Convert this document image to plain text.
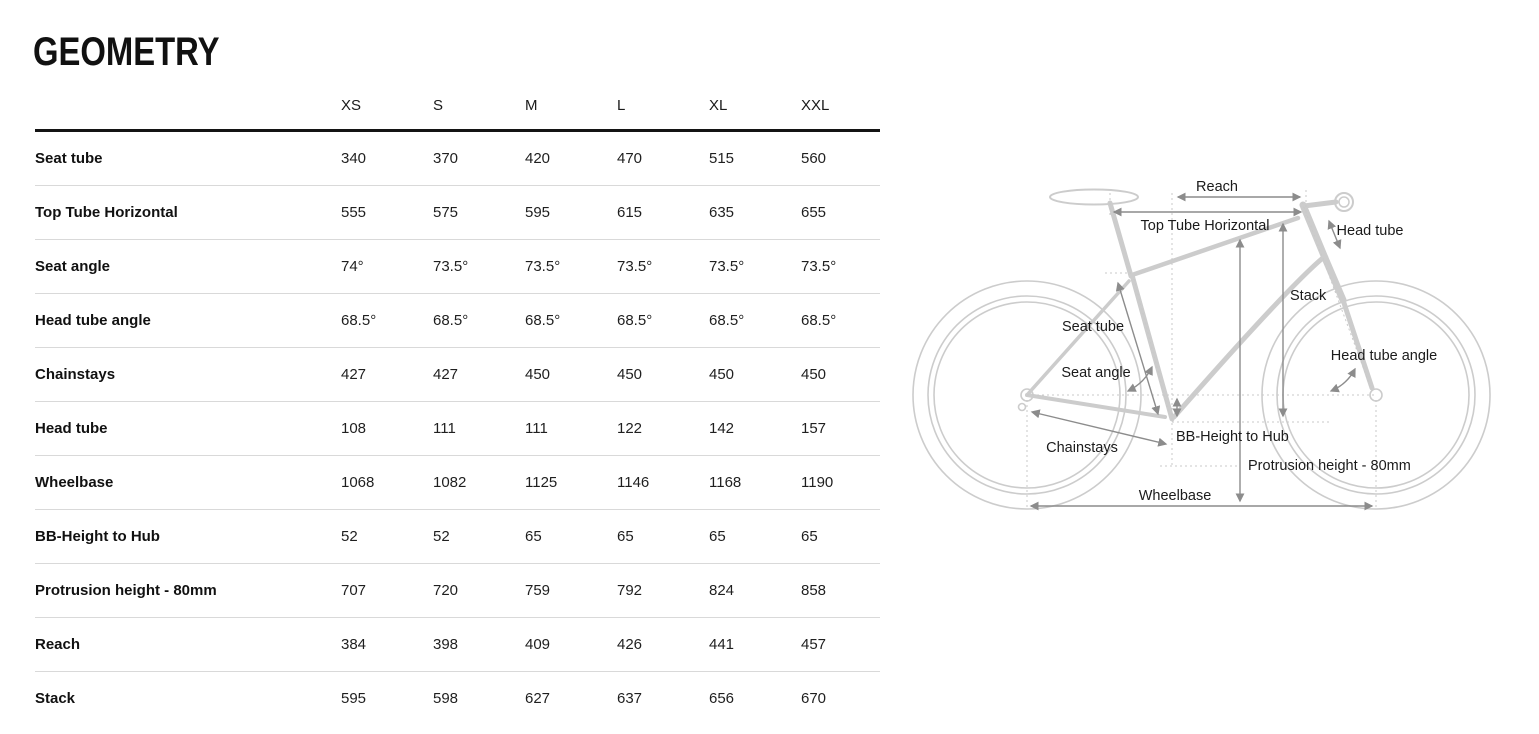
GEOMETRY
XS	S	M	L	XL	XXL
Seat tube	340	370	420	470	515	560
Top Tube Horizontal	555	575	595	615	635	655
Seat angle	74°	73.5°	73.5°	73.5°	73.5°	73.5°
Head tube angle	68.5°	68.5°	68.5°	68.5°	68.5°	68.5°
Chainstays	427	427	450	450	450	450
Head tube	108	111	111	122	142	157
Wheelbase	1068	1082	1125	1146	1168	1190
BB-Height to Hub	52	52	65	65	65	65
Protrusion height - 80mm	707	720	759	792	824	858
Reach	384	398	409	426	441	457
Stack	595	598	627	637	656	670
Reach
Top Tube Horizontal	Head tube
Stack
Seat tube
Head tube angle
Seat angle
Chainstays
BB-Height to Hub
Protrusion height - 80mm
Wheelbase
